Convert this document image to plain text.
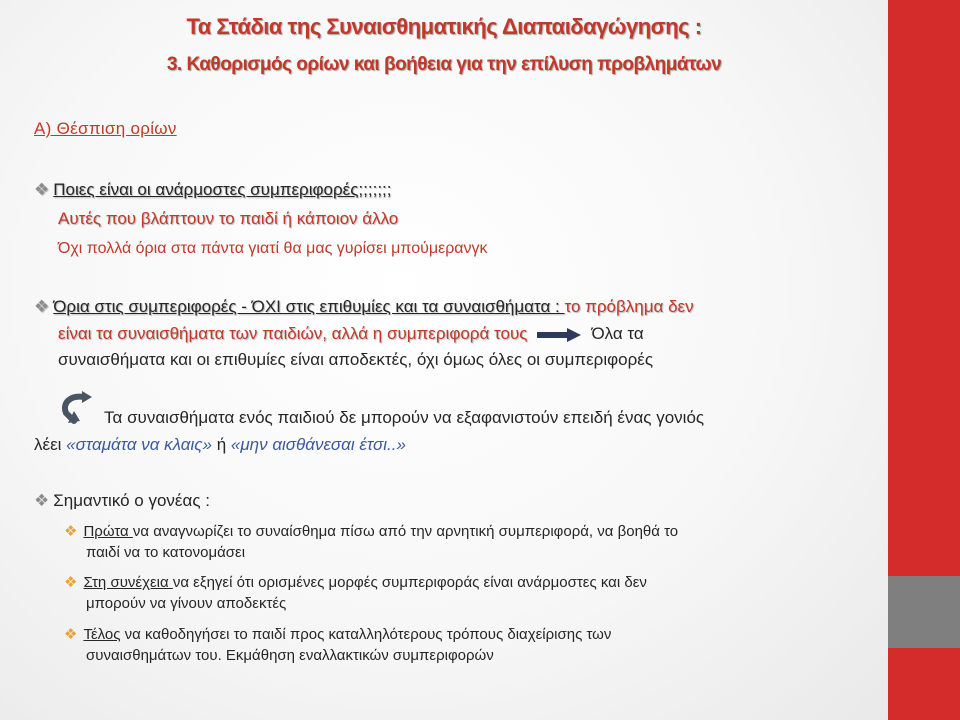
Τα Στάδια της Συναισθηματικής Διαπαιδαγώγησης :
3. Καθορισμός ορίων και βοήθεια για την επίλυση προβλημάτων
Α) Θέσπιση ορίων
❖ Ποιες είναι οι ανάρμοστες συμπεριφορές;;;;;;;
Αυτές που βλάπτουν το παιδί ή κάποιον άλλο
Όχι πολλά όρια στα πάντα γιατί θα μας γυρίσει μπούμερανγκ
❖ Όρια στις συμπεριφορές - ΌΧΙ στις επιθυμίες και τα συναισθήματα : το πρόβλημα δεν
είναι τα συναισθήματα των παιδιών, αλλά η συμπεριφορά τους	Όλα τα
συναισθήματα και οι επιθυμίες είναι αποδεκτές, όχι όμως όλες οι συμπεριφορές
Τα συναισθήματα ενός παιδιού δε μπορούν να εξαφανιστούν επειδή ένας γονιός
λέει «σταμάτα να κλαις» ή «μην αισθάνεσαι έτσι..»
❖ Σημαντικό ο γονέας :
❖ Πρώτα να αναγνωρίζει το συναίσθημα πίσω από την αρνητική συμπεριφορά, να βοηθά το
παιδί να το κατονομάσει
❖ Στη συνέχεια να εξηγεί ότι ορισμένες μορφές συμπεριφοράς είναι ανάρμοστες και δεν
μπορούν να γίνουν αποδεκτές
❖ Τέλος να καθοδηγήσει το παιδί προς καταλληλότερους τρόπους διαχείρισης των
συναισθημάτων του. Εκμάθηση εναλλακτικών συμπεριφορών
